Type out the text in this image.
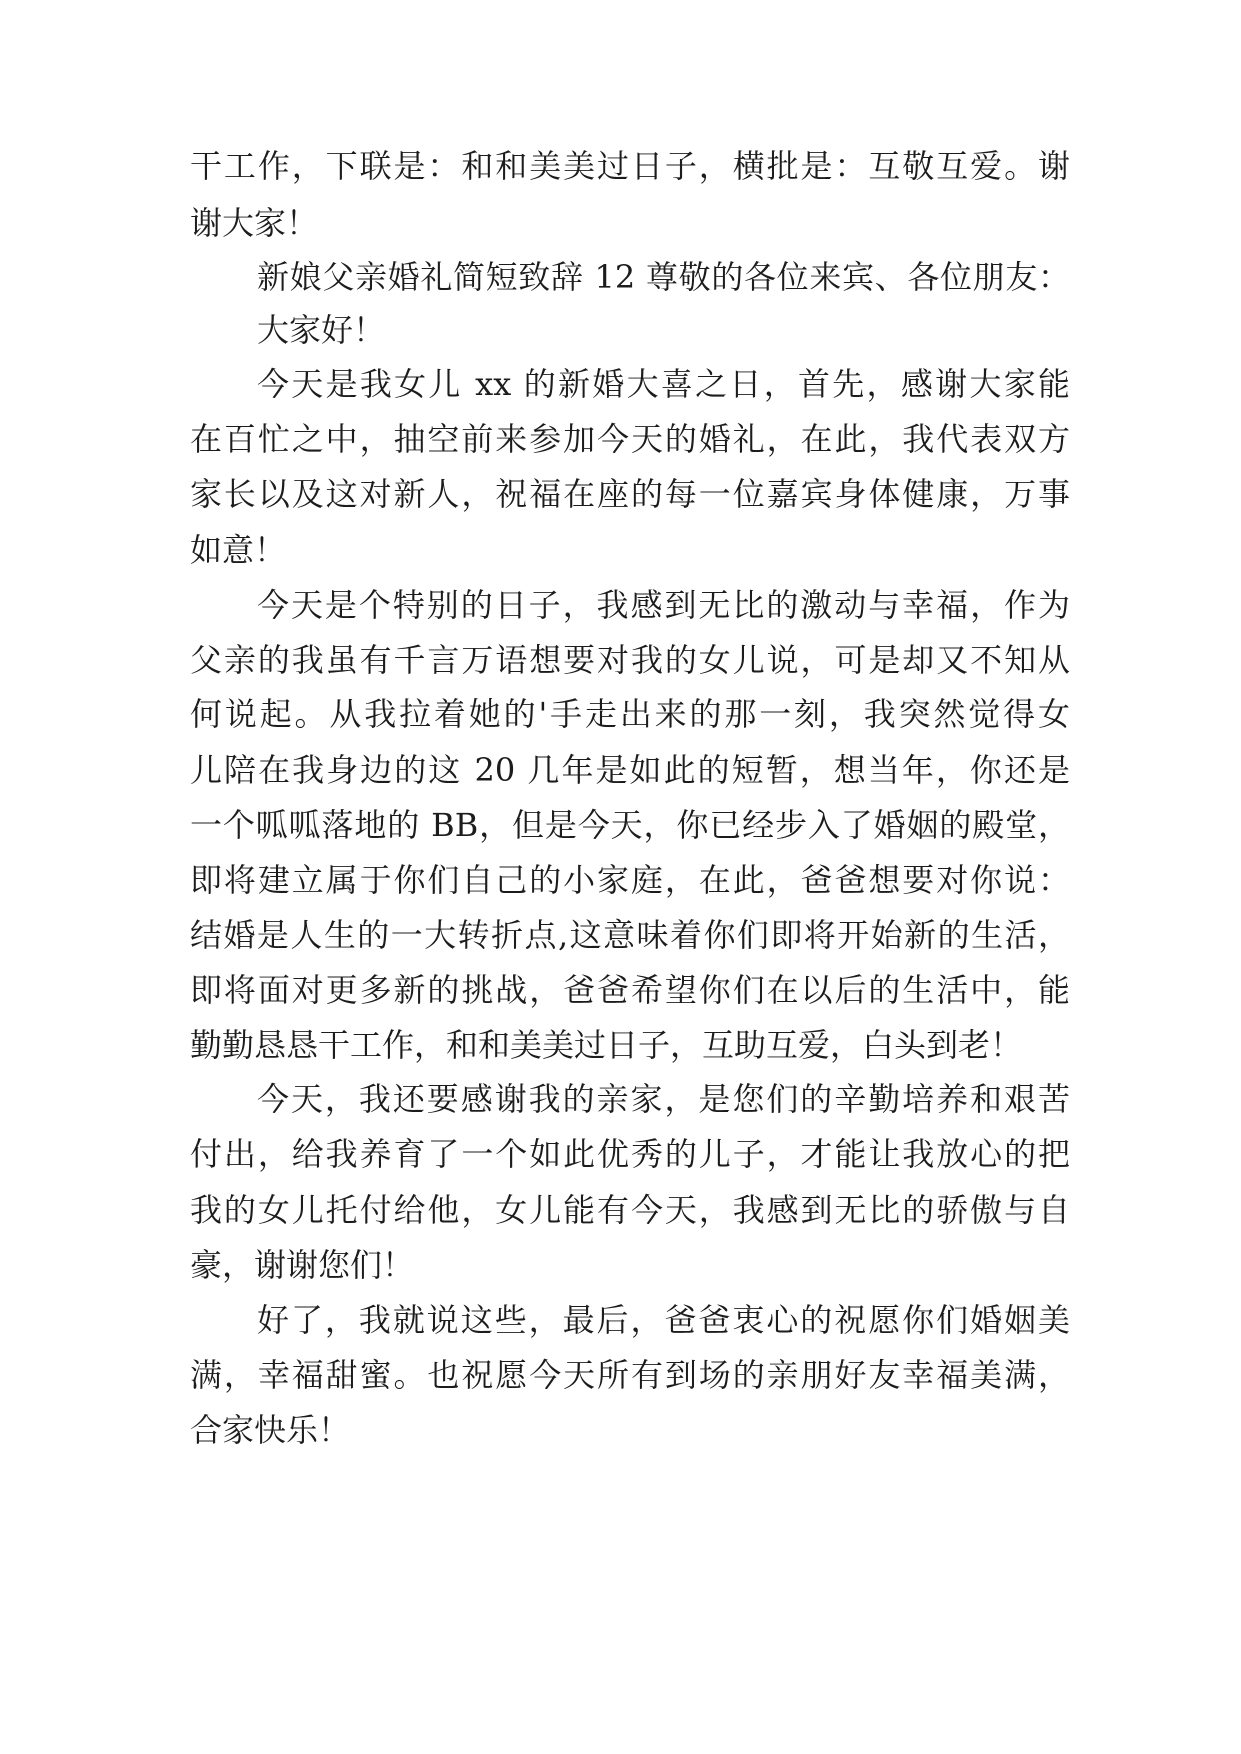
干工作，下联是：和和美美过日子，横批是：互敬互爱。谢
谢大家！
新娘父亲婚礼简短致辞 12 尊敬的各位来宾、各位朋友：
大家好！
今天是我女儿 xx 的新婚大喜之日，首先，感谢大家能
在百忙之中，抽空前来参加今天的婚礼，在此，我代表双方
家长以及这对新人，祝福在座的每一位嘉宾身体健康，万事
如意！
今天是个特别的日子，我感到无比的激动与幸福，作为
父亲的我虽有千言万语想要对我的女儿说，可是却又不知从
何说起。从我拉着她的'手走出来的那一刻，我突然觉得女
儿陪在我身边的这 20 几年是如此的短暂，想当年，你还是
一个呱呱落地的 BB，但是今天，你已经步入了婚姻的殿堂，
即将建立属于你们自己的小家庭，在此，爸爸想要对你说：
结婚是人生的一大转折点,这意味着你们即将开始新的生活，
即将面对更多新的挑战，爸爸希望你们在以后的生活中，能
勤勤恳恳干工作，和和美美过日子，互助互爱，白头到老！
今天，我还要感谢我的亲家，是您们的辛勤培养和艰苦
付出，给我养育了一个如此优秀的儿子，才能让我放心的把
我的女儿托付给他，女儿能有今天，我感到无比的骄傲与自
豪，谢谢您们！
好了，我就说这些，最后，爸爸衷心的祝愿你们婚姻美
满，幸福甜蜜。也祝愿今天所有到场的亲朋好友幸福美满，
合家快乐！
